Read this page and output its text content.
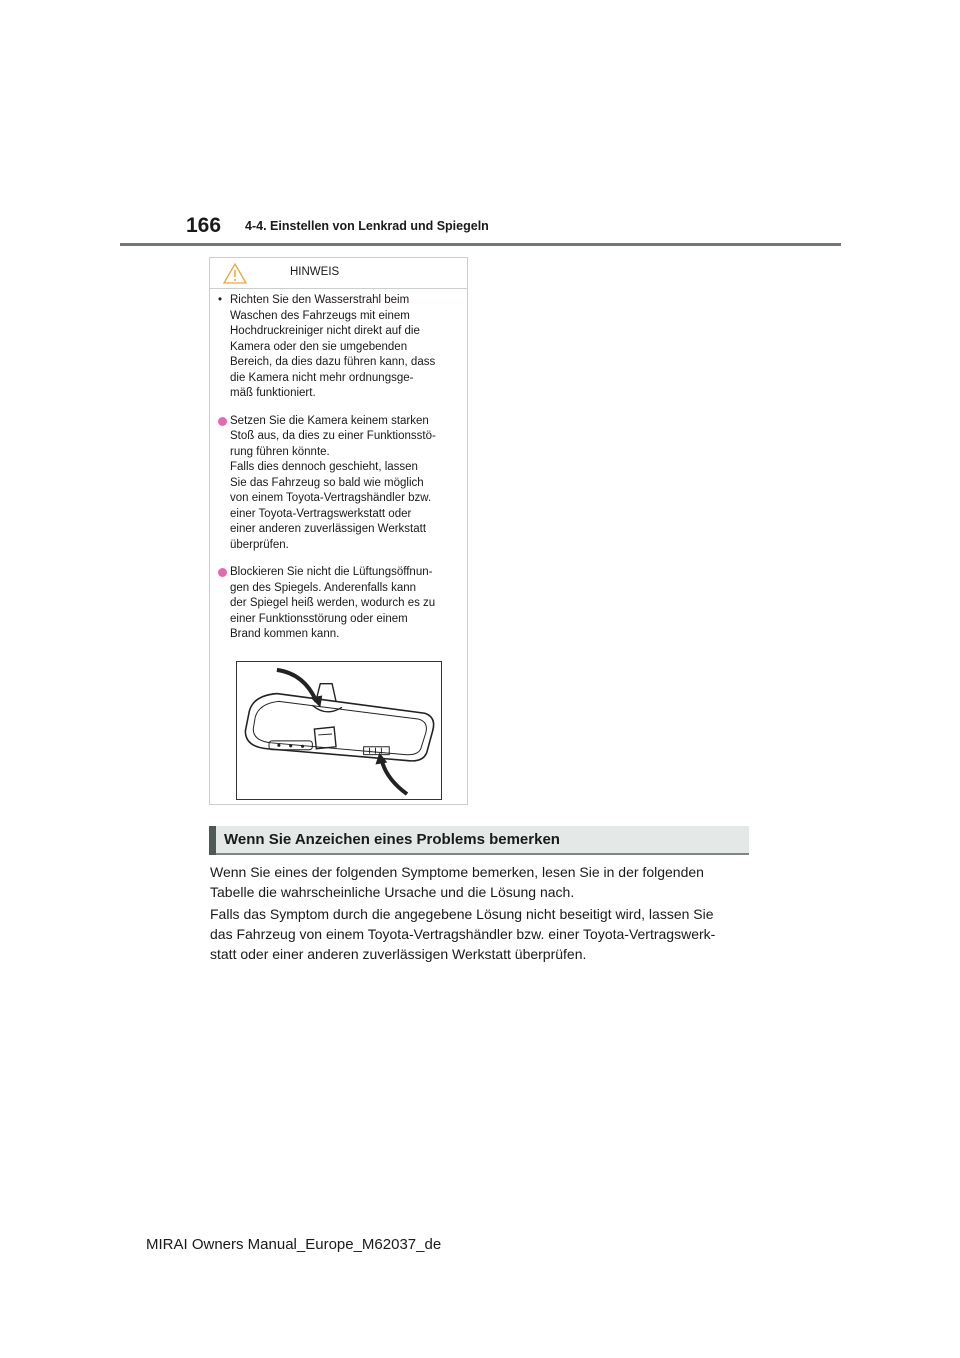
166 4-4. Einstellen von Lenkrad und Spiegeln
HINWEIS
• Richten Sie den Wasserstrahl beim
Waschen des Fahrzeugs mit einem
Hochdruckreiniger nicht direkt auf die
Kamera oder den sie umgebenden
Bereich, da dies dazu führen kann, dass
die Kamera nicht mehr ordnungsge-
mäß funktioniert.
Setzen Sie die Kamera keinem starken
Stoß aus, da dies zu einer Funktionsstö-
rung führen könnte.
Falls dies dennoch geschieht, lassen
Sie das Fahrzeug so bald wie möglich
von einem Toyota-Vertragshändler bzw.
einer Toyota-Vertragswerkstatt oder
einer anderen zuverlässigen Werkstatt
überprüfen.
Blockieren Sie nicht die Lüftungsöffnun-
gen des Spiegels. Anderenfalls kann
der Spiegel heiß werden, wodurch es zu
einer Funktionsstörung oder einem
Brand kommen kann.
Wenn Sie Anzeichen eines Problems bemerken
Wenn Sie eines der folgenden Symptome bemerken, lesen Sie in der folgenden
Tabelle die wahrscheinliche Ursache und die Lösung nach.
Falls das Symptom durch die angegebene Lösung nicht beseitigt wird, lassen Sie
das Fahrzeug von einem Toyota-Vertragshändler bzw. einer Toyota-Vertragswerk-
statt oder einer anderen zuverlässigen Werkstatt überprüfen.
MIRAI Owners Manual_Europe_M62037_de
